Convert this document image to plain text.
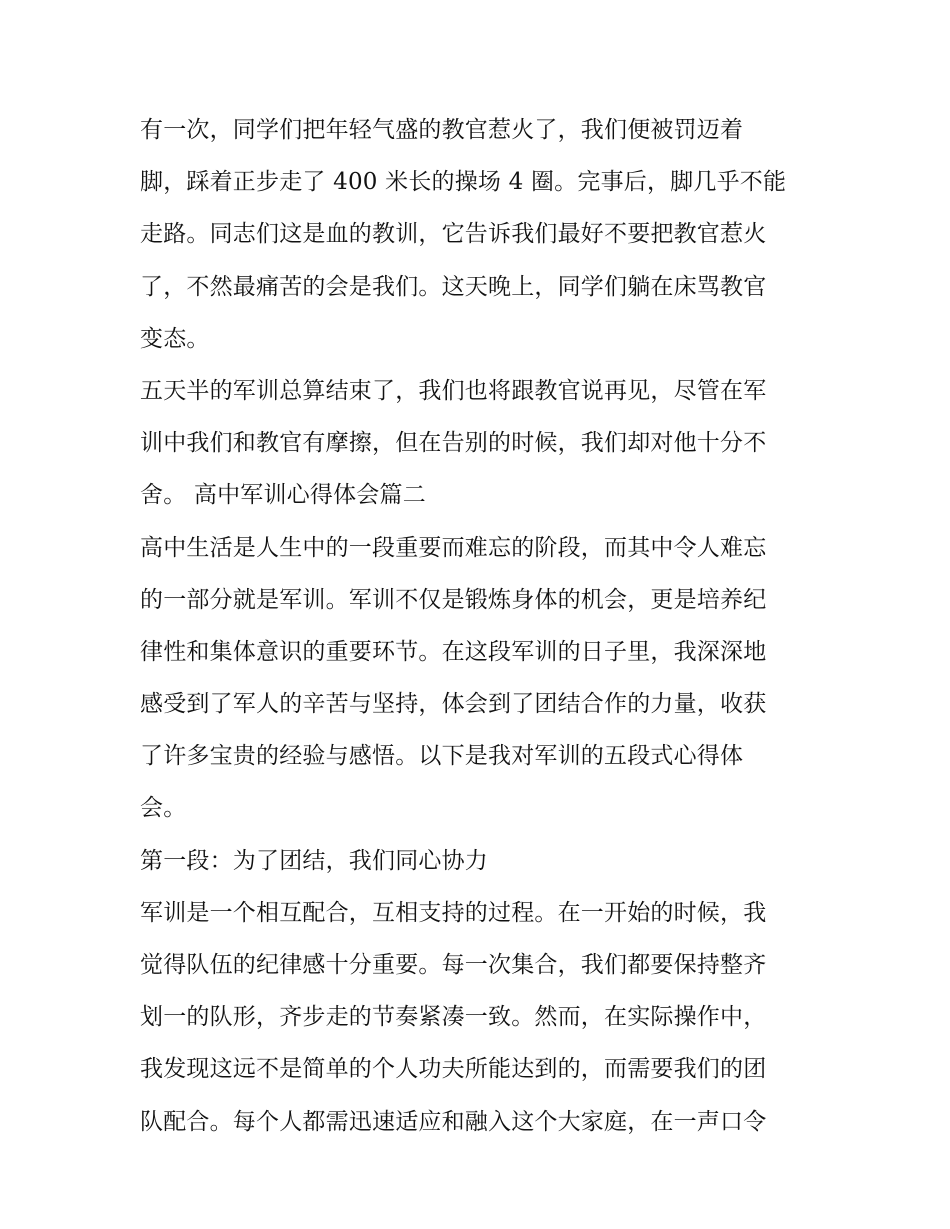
有一次，同学们把年轻气盛的教官惹火了，我们便被罚迈着
脚，踩着正步走了 400 米长的操场 4 圈。完事后，脚几乎不能
走路。同志们这是血的教训，它告诉我们最好不要把教官惹火
了，不然最痛苦的会是我们。这天晚上，同学们躺在床骂教官
变态。
五天半的军训总算结束了，我们也将跟教官说再见，尽管在军
训中我们和教官有摩擦，但在告别的时候，我们却对他十分不
舍。 高中军训心得体会篇二
高中生活是人生中的一段重要而难忘的阶段，而其中令人难忘
的一部分就是军训。军训不仅是锻炼身体的机会，更是培养纪
律性和集体意识的重要环节。在这段军训的日子里，我深深地
感受到了军人的辛苦与坚持，体会到了团结合作的力量，收获
了许多宝贵的经验与感悟。以下是我对军训的五段式心得体
会。
第一段：为了团结，我们同心协力
军训是一个相互配合，互相支持的过程。在一开始的时候，我
觉得队伍的纪律感十分重要。每一次集合，我们都要保持整齐
划一的队形，齐步走的节奏紧凑一致。然而，在实际操作中，
我发现这远不是简单的个人功夫所能达到的，而需要我们的团
队配合。每个人都需迅速适应和融入这个大家庭，在一声口令
